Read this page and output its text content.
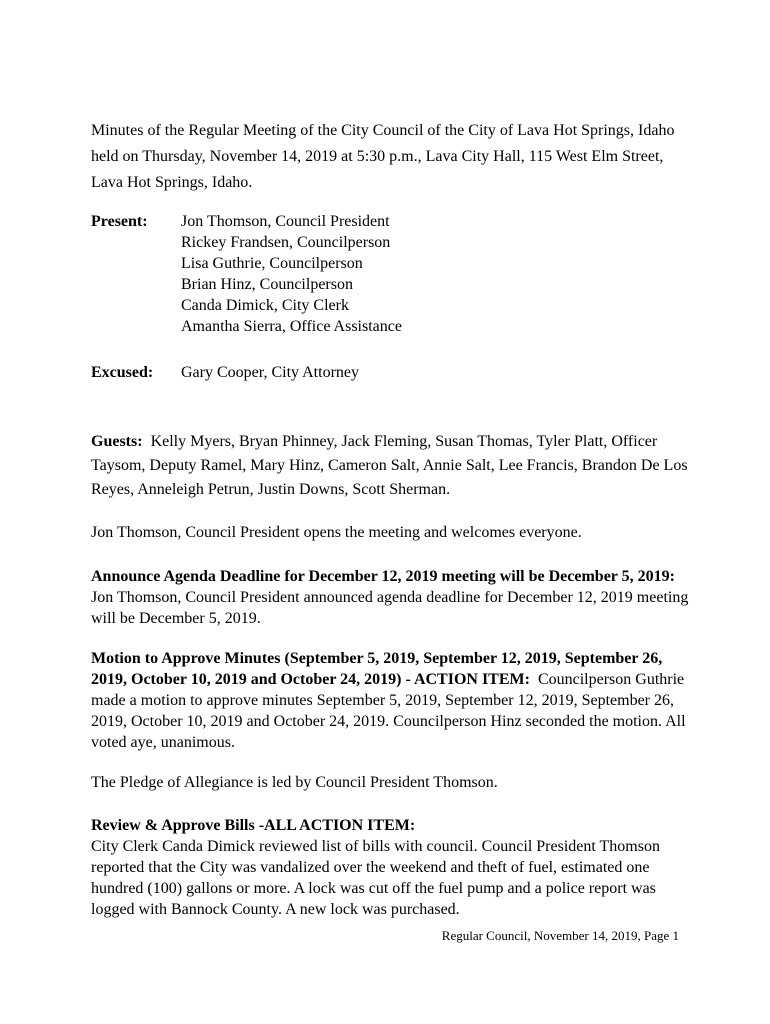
Minutes of the Regular Meeting of the City Council of the City of Lava Hot Springs, Idaho held on Thursday, November 14, 2019 at 5:30 p.m., Lava City Hall, 115 West Elm Street, Lava Hot Springs, Idaho.

Present:	Jon Thomson, Council President
Rickey Frandsen, Councilperson
Lisa Guthrie, Councilperson
Brian Hinz, Councilperson
Canda Dimick, City Clerk
Amantha Sierra, Office Assistance
Excused:	Gary Cooper, City Attorney

Guests: Kelly Myers, Bryan Phinney, Jack Fleming, Susan Thomas, Tyler Platt, Officer Taysom, Deputy Ramel, Mary Hinz, Cameron Salt, Annie Salt, Lee Francis, Brandon De Los Reyes, Anneleigh Petrun, Justin Downs, Scott Sherman.

Jon Thomson, Council President opens the meeting and welcomes everyone.

Announce Agenda Deadline for December 12, 2019 meeting will be December 5, 2019:   Jon Thomson, Council President announced agenda deadline for December 12, 2019 meeting will be December 5, 2019.

Motion to Approve Minutes (September 5, 2019, September 12, 2019, September 26, 2019, October 10, 2019 and October 24, 2019) - ACTION ITEM: Councilperson Guthrie made a motion to approve minutes September 5, 2019, September 12, 2019, September 26, 2019, October 10, 2019 and October 24, 2019. Councilperson Hinz seconded the motion. All voted aye, unanimous.

The Pledge of Allegiance is led by Council President Thomson.

Review & Approve Bills -ALL ACTION ITEM:
City Clerk Canda Dimick reviewed list of bills with council. Council President Thomson reported that the City was vandalized over the weekend and theft of fuel, estimated one hundred (100) gallons or more. A lock was cut off the fuel pump and a police report was logged with Bannock County. A new lock was purchased.
Regular Council, November 14, 2019, Page 1
